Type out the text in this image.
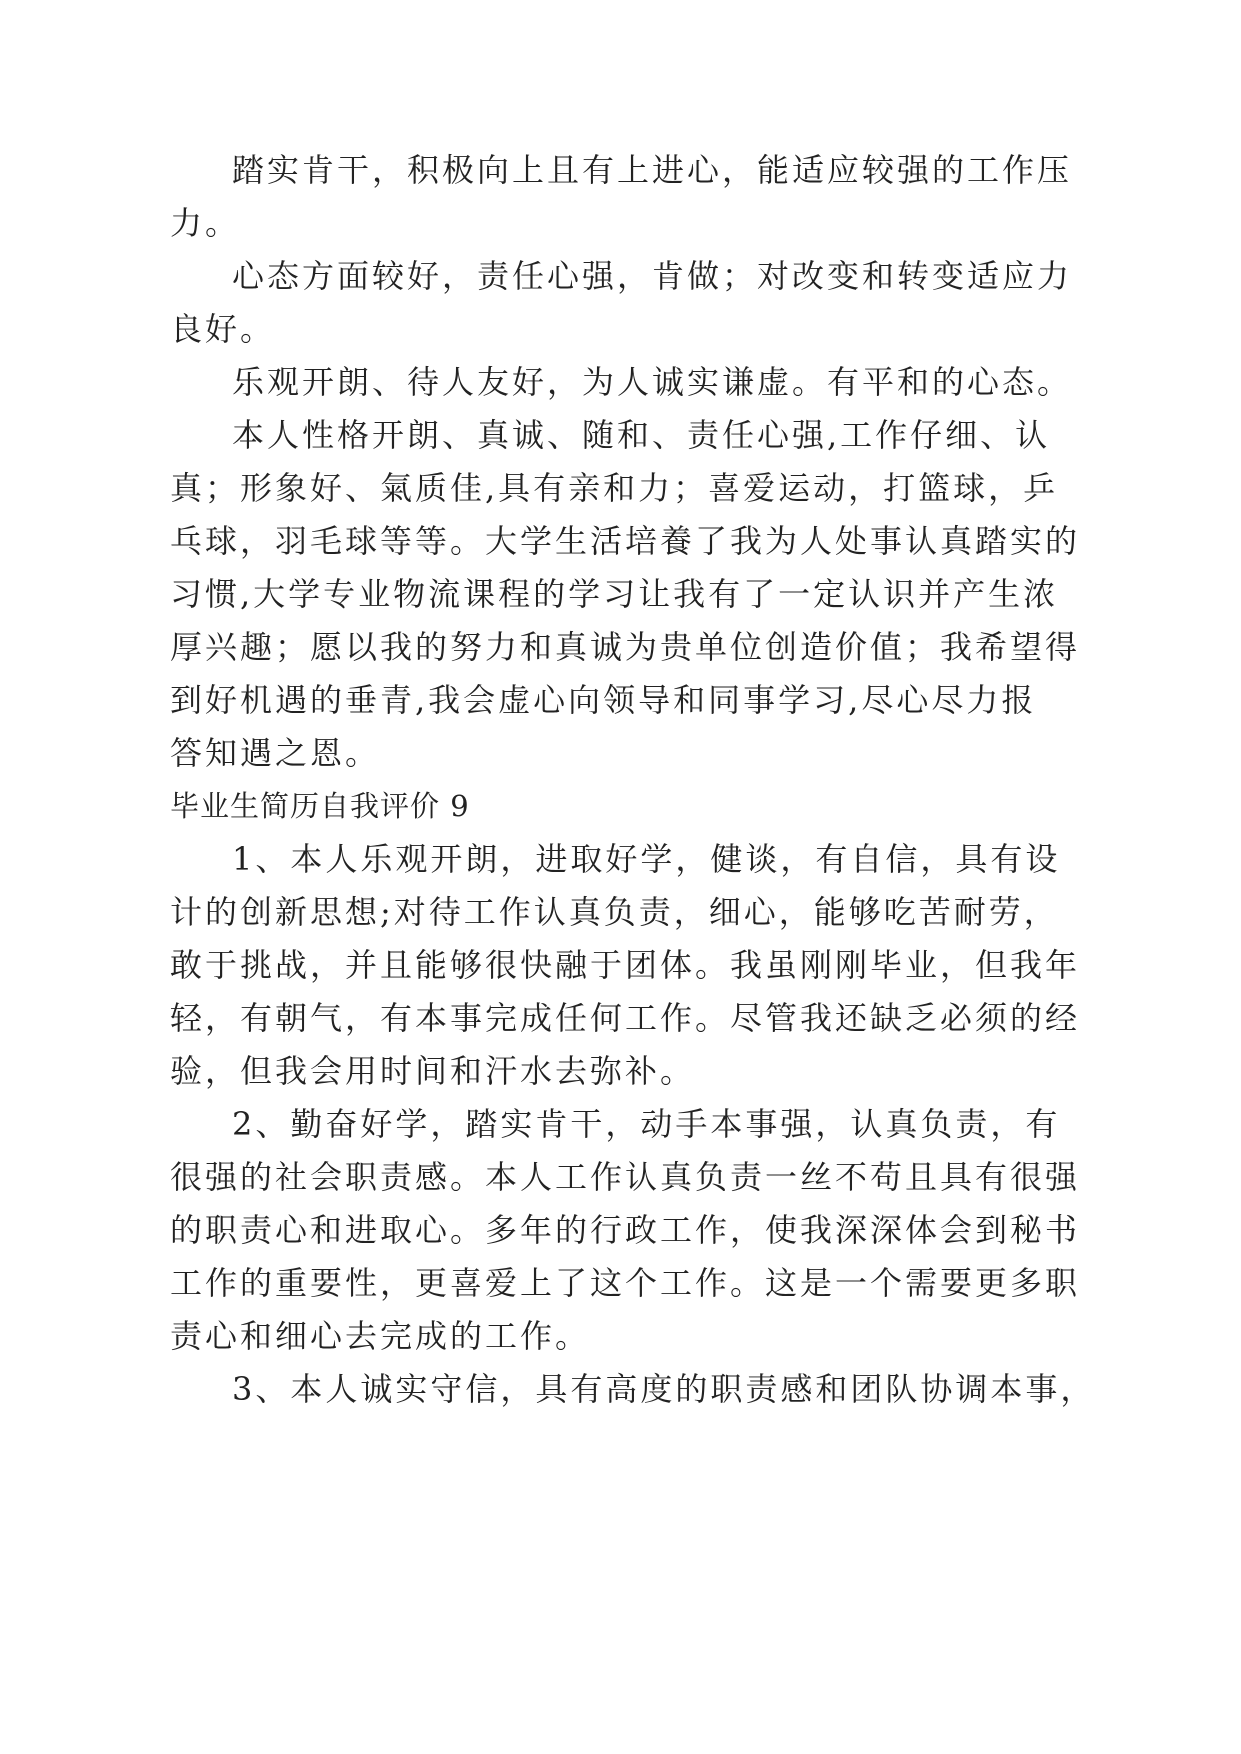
踏实肯干，积极向上且有上进心，能适应较强的工作压
力。
心态方面较好，责任心强，肯做；对改变和转变适应力
良好。
乐观开朗、待人友好，为人诚实谦虚。有平和的心态。
本人性格开朗、真诚、随和、责任心强,工作仔细、认
真；形象好、氣质佳,具有亲和力；喜爱运动，打篮球，乒
乓球，羽毛球等等。大学生活培養了我为人处事认真踏实的
习惯,大学专业物流课程的学习让我有了一定认识并产生浓
厚兴趣；愿以我的努力和真诚为贵单位创造价值；我希望得
到好机遇的垂青,我会虚心向领导和同事学习,尽心尽力报
答知遇之恩。
毕业生简历自我评价 9
1、本人乐观开朗，进取好学，健谈，有自信，具有设
计的创新思想;对待工作认真负责，细心，能够吃苦耐劳，
敢于挑战，并且能够很快融于团体。我虽刚刚毕业，但我年
轻，有朝气，有本事完成任何工作。尽管我还缺乏必须的经
验，但我会用时间和汗水去弥补。
2、勤奋好学，踏实肯干，动手本事强，认真负责，有
很强的社会职责感。本人工作认真负责一丝不苟且具有很强
的职责心和进取心。多年的行政工作，使我深深体会到秘书
工作的重要性，更喜爱上了这个工作。这是一个需要更多职
责心和细心去完成的工作。
3、本人诚实守信，具有高度的职责感和团队协调本事，
